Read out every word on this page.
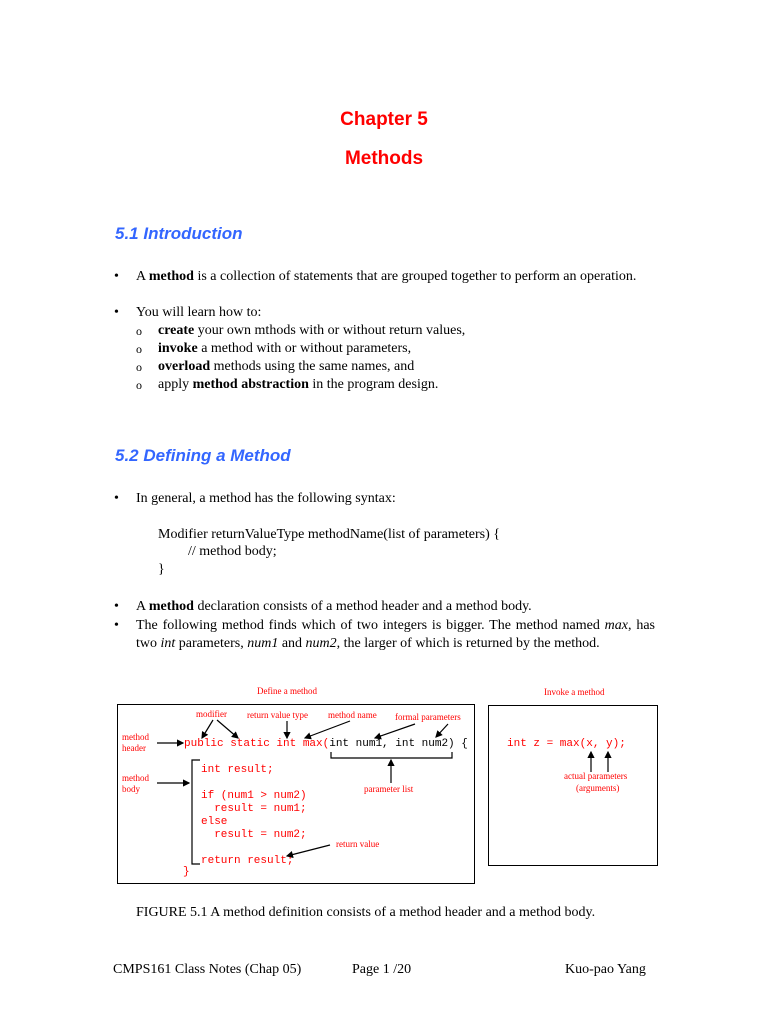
Chapter 5
Methods
5.1 Introduction
• A method is a collection of statements that are grouped together to perform an operation.
• You will learn how to:
o create your own mthods with or without return values,
o invoke a method with or without parameters,
o overload methods using the same names, and
o apply method abstraction in the program design.
5.2 Defining a Method
• In general, a method has the following syntax:
Modifier returnValueType methodName(list of parameters) {
// method body;
}
• A method declaration consists of a method header and a method body.
• The following method finds which of two integers is bigger. The method named max, has two int parameters, num1 and num2, the larger of which is returned by the method.
Define a method	Invoke a method
modifier return value type method name formal parameters
method header
method body	parameter list
return value
actual parameters
(arguments)
public static int max(int num1, int num2) {
int result;
if (num1 > num2)
result = num1;
else
result = num2;
return result;
}
int z = max(x, y);
FIGURE 5.1 A method definition consists of a method header and a method body.
CMPS161 Class Notes (Chap 05)	Page 1 /20	Kuo-pao Yang
